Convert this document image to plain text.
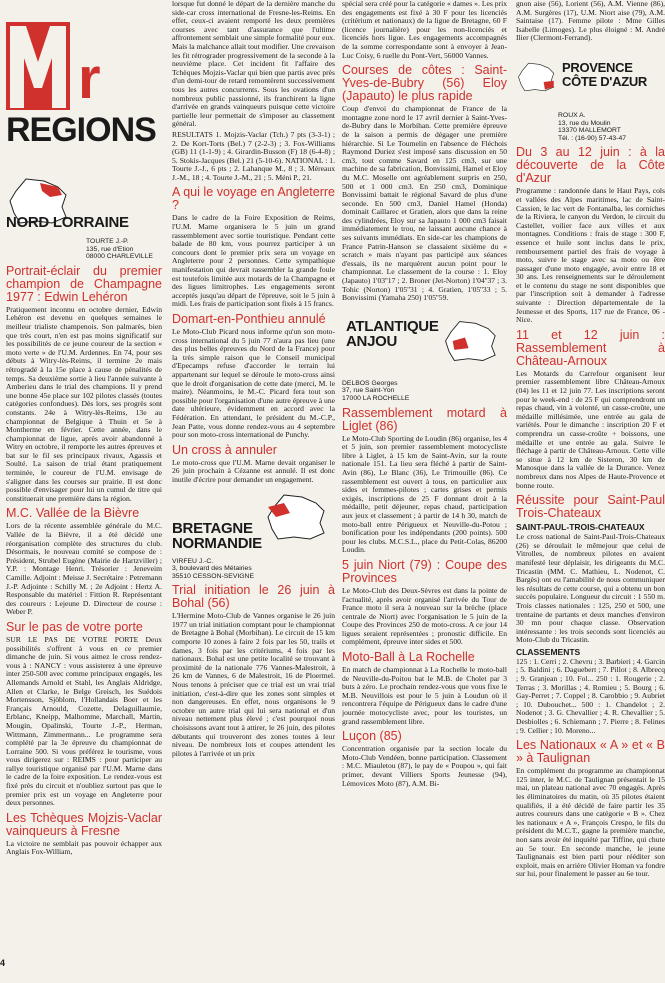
r
REGIONS
NORD LORRAINE
TOURTE J.-P.
135, rue d'Etion
08000 CHARLEVILLE
Portrait-éclair du premier champion de Champagne 1977 : Edwin Lehéron

Pratiquement inconnu en octobre dernier, Edwin Lehéron est devenu en quelques semaines le meilleur trialiste champenois. Son palmarès, bien que très court, n'en est pas moins significatif sur les possibilités de ce jeune coureur de la section « moto verte » de l'U.M. Ardennes. En 74, pour ses débuts à Witry-lès-Reims, il termine 2e mais rétrogradé à la 15e place à cause de pénalités de temps. Sa deuxième sortie à lieu l'année suivante à Amberieu dans le trial des champions. Il y prend une bonne 45e place sur 102 pilotes classés (toutes catégories confondues). Dès lors, ses progrès sont constants. 24e à Witry-lès-Reims, 13e au championnat de Belgique à Thuin et 5e à Montherme en février. Cette année, dans le championnat de ligue, après avoir abandonné à Witry en octobre, il remporte les autres épreuves et bat sur le fil ses principaux rivaux, Agassis et Soulté. La saison de trial étant pratiquement terminée, le coureur de l'U.M. envisage de s'aligner dans les courses sur prairie. Il est donc possible d'envisager pour lui un cumul de titre qui constituerait une première dans la région.

M.C. Vallée de la Bièvre

Lors de la récente assemblée générale du M.C. Vallée de la Bièvre, il a été décidé une réorganisation complète des structures du club. Désormais, le nouveau comité se compose de : Président, Strubel Eugène (Mairie de Hartzviller) ; Y.P. : Montage Henri. Trésorier : Jeneveim Camille. Adjoint : Meisse J. Secrétaire : Petremann J.-P. Adjointe : Schilly M. ; 2e Adjoint : Hertz A. Responsable du matériel : Fittion R. Représentant des coureurs : Lejeune D. Directeur de course : Weber P.

Sur le pas de votre porte

SUR LE PAS DE VOTRE PORTE Deux possibilités s'offrent à vous en ce premier dimanche de juin. Si vous aimez le cross rendez-vous à : NANCY : vous assisterez à une épreuve inter 250-500 avec comme principaux engagés, les Allemands Arnold et Stahl, les Anglais Aldridge, Allen et Clarke, le Belge Greisch, les Suédois Mortensson, Sjöblom, l'Hollandais Boer et les Français Arnould, Cozette, Delaguillaumie, Erblanc, Kneipp, Malhomme, Marchall, Martin, Mougin, Opalinski, Tourte J.-P., Herman, Wittmann, Zimmermann... Le programme sera complété par la 3e épreuve du championnat de Lorraine 500. Si vous préférez le tourisme, vous vous dirigerez sur : REIMS : pour participer au rallye touristique organisé par l'U.M. Marne dans le cadre de la foire exposition. Le rendez-vous est fixé près du circuit et n'oubliez surtout pas que le premier prix est un voyage en Angleterre pour deux personnes.

Les Tchèques Mojzis-Vaclar vainqueurs à Fresne

La victoire ne semblait pas pouvoir échapper aux Anglais Fox-William,

4

lorsque fut donné le départ de la dernière manche du side-car cross international de Fresne-les-Reims. En effet, ceux-ci avaient remporté les deux premières courses avec tant d'assurance que l'ultime affrontement semblait une simple formalité pour eux. Mais la malchance allait tout modifier. Une crevaison les fit rétrograder progressivement de la seconde à la neuvième place. Cet incident fit l'affaire des Tchèques Mojzis-Vaclar qui bien que partis avec près d'un demi-tour de retard remontèrent successivement tous les autres concurrents. Sous les ovations d'un nombreux public passionné, ils franchirent la ligne d'arrivée en grands vainqueurs puisque cette victoire partielle leur permettait de s'imposer au classement général.

RESULTATS 1. Mojzis-Vaclar (Tch.) 7 pts (3-3-1) ; 2. De Kort-Torts (Bel.) 7 (2-2-3) ; 3. Fox-Williams (GB) 11 (1-1-9) ; 4. Girardin-Busson (F) 18 (6-4-8) ; 5. Stokis-Jacques (Bel.) 21 (5-10-6). NATIONAL : 1. Tourte J.-J., 6 pts ; 2. Lahanque M., 8 ; 3. Méreaux J.-M., 18 ; 4. Tourte J.-M., 21 ; 5. Méni P., 21.

A qui le voyage en Angleterre ?

Dans le cadre de la Foire Exposition de Reims, l'U.M. Marne organisera le 5 juin un grand rassemblement avec sortie touristique. Pendant cette balade de 80 km, vous pourrez participer à un concours dont le premier prix sera un voyage en Angleterre pour 2 personnes. Cette sympathique manifestation qui devrait rassembler la grande foule est toutefois limitée aux motards de la Champagne et des ligues limitrophes. Les engagements seront acceptés jusqu'au départ de l'épreuve, soit le 5 juin à midi. Les frais de participation sont fixés à 15 francs.

Domart-en-Ponthieu annulé

Le Moto-Club Picard nous informe qu'un son moto-cross international du 5 juin 77 n'aura pas lieu (une des plus belles épreuves du Nord de la France) pour la très simple raison que le Conseil municipal d'Epecamps refuse d'accorder le terrain lui appartenant sur lequel se déroule le moto-cross ainsi que le droit d'organisation de cette date (merci, M. le maire). Néanmoins, le M.-C. Picard fera tout son possible pour l'organisation d'une autre épreuve à une date ultérieure, évidemment en accord avec la Fédération. En attendant, le président du M.-C.P., Jean Patte, vous donne rendez-vous au 4 septembre pour son moto-cross international de Punchy.

Un cross à annuler

Le moto-cross que l'U.M. Marne devait organiser le 26 juin prochain à Cézanne est annulé. Il est donc inutile d'écrire pour demander un engagement.

BRETAGNE NORMANDIE
VIRFEU J.-C.
3, boulevard des Métairies
35510 CESSON-SEVIGNE
Trial initiation le 26 juin à Bohal (56)

L'Hermine Moto-Club de Vannes organise le 26 juin 1977 un trial initiation comptant pour le championnat de Bretagne à Bohal (Morbihan). Le circuit de 15 km comporte 10 zones à faire 2 fois par les 50, trails et dames, 3 fois par les critériums, 4 fois par les nationaux. Bohal est une petite localité se trouvant à proximité de la nationale 776 Vannes-Malestroit, à 26 km de Vannes, 6 de Malestroit, 16 de Ploermel. Nous tenons à préciser que ce trial est un vrai trial initiation, c'est-à-dire que les zones sont simples et non dangereuses. En effet, nous organisons le 9 octobre un autre trial qui lui sera national et d'un niveau nettement plus élevé ; c'est pourquoi nous choisissons avant tout à attirer, le 26 juin, des pilotes débutants qui trouveront des zones toutes à leur niveau. De nombreux lots et coupes attendent les pilotes à l'arrivée et un prix

spécial sera créé pour la catégorie « dames ». Les prix des engagements est fixé à 30 F pour les licenciés (critérium et nationaux) de la ligue de Bretagne, 60 F (licence journalière) pour les non-licenciés et licenciés hors ligue. Les engagements accompagnés de la somme correspondante sont à envoyer à Jean-Luc Coisy, 6 ruelle du Pont-Vert, 56000 Vannes.

Courses de côtes : Saint-Yves-de-Bubry (56) Eloy (Japauto) le plus rapide

Coup d'envoi du championnat de France de la montagne zone nord le 17 avril dernier à Saint-Yves-de-Bubry dans le Morbihan. Cette première épreuve de la saison a permis de dégager une première hiérarchie. Si Le Toumelin en l'absence de Fléchois Raymond Duriez s'est imposé sans discussion en 50 cm3, tout comme Savard en 125 cm3, sur une machine de sa fabrication, Bonvissimi, Hamel et Eloy du M.C. Moselle ont agréablement surpris en 250, 500 et 1 000 cm3. En 250 cm3, Dominique Bonvissimi battait le régional Savard de plus d'une seconde. En 500 cm3, Daniel Hamel (Honda) dominait Caillarec et Gratien, alors que dans la reine des cylindrées, Eloy sur sa Japauto 1 000 cm3 faisait immédiatement le trou, ne laissant aucune chance à ses suivants immédiats. En side-car les champions de France Patrin-Hanson se classaient sixième du « scratch » mais n'ayant pas participé aux séances d'essais, ils ne marquèrent aucun point pour le championnat. Le classement de la course : 1. Eloy (Japauto) 1'03''17 ; 2. Broner (Jet-Norton) 1'04''37 ; 3. Tohic (Norton) 1'05''31 ; 4. Gratien, 1'05''33 ; 5. Bonvissimi (Yamaha 250) 1'05''59.

ATLANTIQUE ANJOU
DELBOS Georges
37, rue Saint-Yon
17000 LA ROCHELLE
Rassemblement motard à Liglet (86)

Le Moto-Club Sporting de Loudin (86) organise, les 4 et 5 juin, son premier rassemblement motocycliste libre à Liglet, à 15 km de Saint-Avin, sur la route nationale 151. La lieu sera fléché à partir de Saint-Avin (86), Le Blanc (36), Le Trimouille (86). Ce rassemblement est ouvert à tous, en particulier aux sides et femmes-pilotes ; cartes grises et permis exigés, inscriptions de 25 F donnant droit à la médaille, petit déjeuner, repas chaud, participation aux jeux et classement ; à partir de 14 h 30, match de moto-ball entre Périgueux et Neuville-du-Potou ; bonification pour les indépendants (200 points). 500 pour les clubs. M.C.S.L., place du Petit-Colas, 86200 Loudin.

5 juin Niort (79) : Coupe des Provinces

Le Moto-Club des Deux-Sèvres est dans la pointe de l'actualité, après avoir organisé l'arrivée du Tour de France moto il sera à nouveau sur la brèche (place centrale de Niort) avec l'organisation le 5 juin de la Coupe des Provinces 250 de moto-cross. A ce jour 14 ligues seraient représentées ; pronostic difficile. En complément, épreuve inter sides et 500.

Moto-Ball à La Rochelle

En match de championnat à La Rochelle le moto-ball de Neuville-du-Poitou bat le M.B. de Cholet par 3 buts à zéro. Le prochain rendez-vous que vous fixe le M.B. Neuvillois est pour le 5 juin à Loudun où il rencontrera l'équipe de Périgueux dans le cadre d'une journée motocycliste avec, pour les touristes, un grand rassemblement libre.

Luçon (85)

Concentration organisée par la section locale du Moto-Club Vendéen, bonne participation. Classement : M.C. Miauletou (87), le pay de « Poupou », qui fait primer, devant Villiers Sports Jeunesse (94), Lémovices Moto (87), A.M. Bi-

gnon aise (56), Lorient (56), A.M. Vienne (86), A.M. Surgères (17), U.M. Niort aise (79), A.M. Saintaise (17). Femme pilote : Mme Gilles Isabelle (Limoges). Le plus éloigné : M. André Ilier (Clermont-Ferrand).

PROVENCE CÔTE D'AZUR
ROUX A.
13, rue du Moulin
13370 MALLEMORT
Tél. : (16-90) 57-43-47
Du 3 au 12 juin : à la découverte de la Côte d'Azur

Programme : randonnée dans le Haut Pays, cols et vallées des Alpes maritimes, lac de Saint-Cassien, le lac vert de Fontanalba, les corniches de la Riviera, le canyon du Verdon, le circuit du Castellet, voilier face aux villes et aux montagnes. Conditions : frais de stage : 300 F, essence et huile sont inclus dans le prix, remboursement partiel des frais de voyage à moto, suivre le stage avec sa moto ou être passager d'une moto engagée, avoir entre 18 et 30 ans. Les renseignements sur le déroulement et le contenu du stage ne sont disponibles que par l'inscription soit à demander à l'adresse suivante : Direction départementale de la Jeunesse et des Sports, 117 rue de France, 06 - Nice.

11 et 12 juin : Rassemblement à Château-Arnoux

Les Motards du Carrefour organisent leur premier rassemblement libre Château-Arnoux (04) les 11 et 12 juin 77. Les inscriptions seront pour le week-end : de 25 F qui comprendront un repas chaud, vin à volonté, un casse-croûte, une médaille millésimée, une entrée au gala de variétés. Pour le dimanche : inscription 20 F et comprendra un casse-croûte + boissons, une médaille et une entrée au gala. Suivre le fléchage à partir de Château-Arnoux. Cette ville se situe à 12 km de Sisteron, 30 km de Manosque dans la vallée de la Durance. Venez nombreux dans nos Alpes de Haute-Provence et bonne route.

Réussite pour Saint-Paul Trois-Chateaux
SAINT-PAUL-TROIS-CHATEAUX

Le cross national de Saint-Paul-Trois-Chateaux (26) se déroulait le mêmejour que celui de Vitrolles, de nombreux pilotes en avaient manifesté leur déplaisir, les dirigeants du M.C. Tricastin (MM. C. Mathieu, L. Nodenot, C. Bargès) ont eu l'amabilité de nous communiquer les résultats de cette course, qui a obtenu un bon succès populaire. Longueur du circuit : 1 550 m. Trois classes nationales : 125, 250 et 500, une trentaine de partants et deux manches d'environ 30 mn pour chaque classe. Observation intéressante : les trois seconds sont licenciés au Moto-Club du Tricastin.

CLASSEMENTS

125 : 1. Cerri ; 2. Chevru ; 3. Barbieri ; 4. Garcin ; 5. Baldini ; 6. Daguebert ; 7. Pillot ; 8. Albrecq ; 9. Granjean ; 10. Fol... 250 : 1. Rougerie ; 2. Terras ; 3. Morillas ; 4. Romieu ; 5. Bourg ; 6. Gay-Perret ; 7. Coppel ; 8. Carobbio ; 9. Aubriet ; 10. Dubouchet... 500 : 1. Chandelot ; 2. Nodenot ; 3. G. Chevallier ; 4. R. Chevallier ; 5. Desbiolles ; 6. Schiemann ; 7. Pierre ; 8. Felines ; 9. Cellier ; 10. Moreno...

Les Nationaux « A » et « B » à Taulignan

En complément du programme au championnat 125 inter, le M.C. de Taulignan présentait le 15 mai, un plateau national avec 70 engagés. Après les éliminatoires du matin, où 35 pilotes étaient qualifiés, il a été décidé de faire partir les 35 autres coureurs dans une catégorie « B ». Chez les nationaux « A », François Crespo, le fils du président du M.C.T., gagne la première manche, non sans avoir été inquiété par Tiffine, qui chute au 5e tour. En seconde manche, le jeune Taulignanais est bien parti pour rééditer son exploit, mais en arrière Olivier Homan va fondre sur lui, pour finalement le passer au 6e tour.
